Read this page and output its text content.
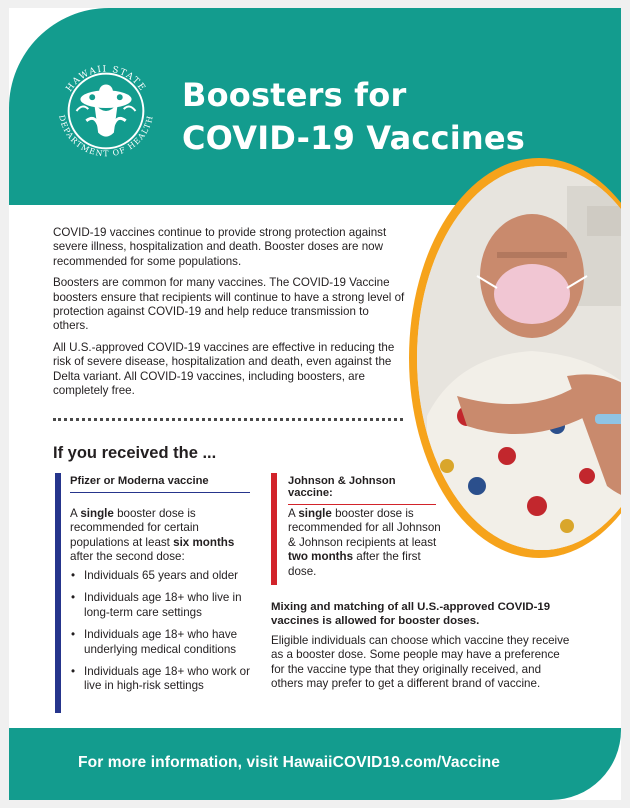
HAWAII STATE
DEPARTMENT OF HEALTH
Boosters for
COVID-19 Vaccines

COVID-19 vaccines continue to provide strong protection against severe illness, hospitalization and death. Booster doses are now recommended for some populations.

Boosters are common for many vaccines. The COVID-19 Vaccine boosters ensure that recipients will continue to have a strong level of protection against COVID-19 and help reduce transmission to others.

All U.S.-approved COVID-19 vaccines are effective in reducing the risk of severe disease, hospitalization and death, even against the Delta variant. All COVID-19 vaccines, including boosters, are completely free.

If you received the ...
Pfizer or Moderna vaccine
A single booster dose is recommended for certain populations at least six months after the second dose:
• Individuals 65 years and older
• Individuals age 18+ who live in long-term care settings
• Individuals age 18+ who have underlying medical conditions
• Individuals age 18+ who work or live in high-risk settings
Johnson & Johnson vaccine:
A single booster dose is recommended for all Johnson & Johnson recipients at least two months after the first dose.
Mixing and matching of all U.S.-approved COVID-19 vaccines is allowed for booster doses.
Eligible individuals can choose which vaccine they receive as a booster dose. Some people may have a preference for the vaccine type that they originally received, and others may prefer to get a different brand of vaccine.
For more information, visit HawaiiCOVID19.com/Vaccine
